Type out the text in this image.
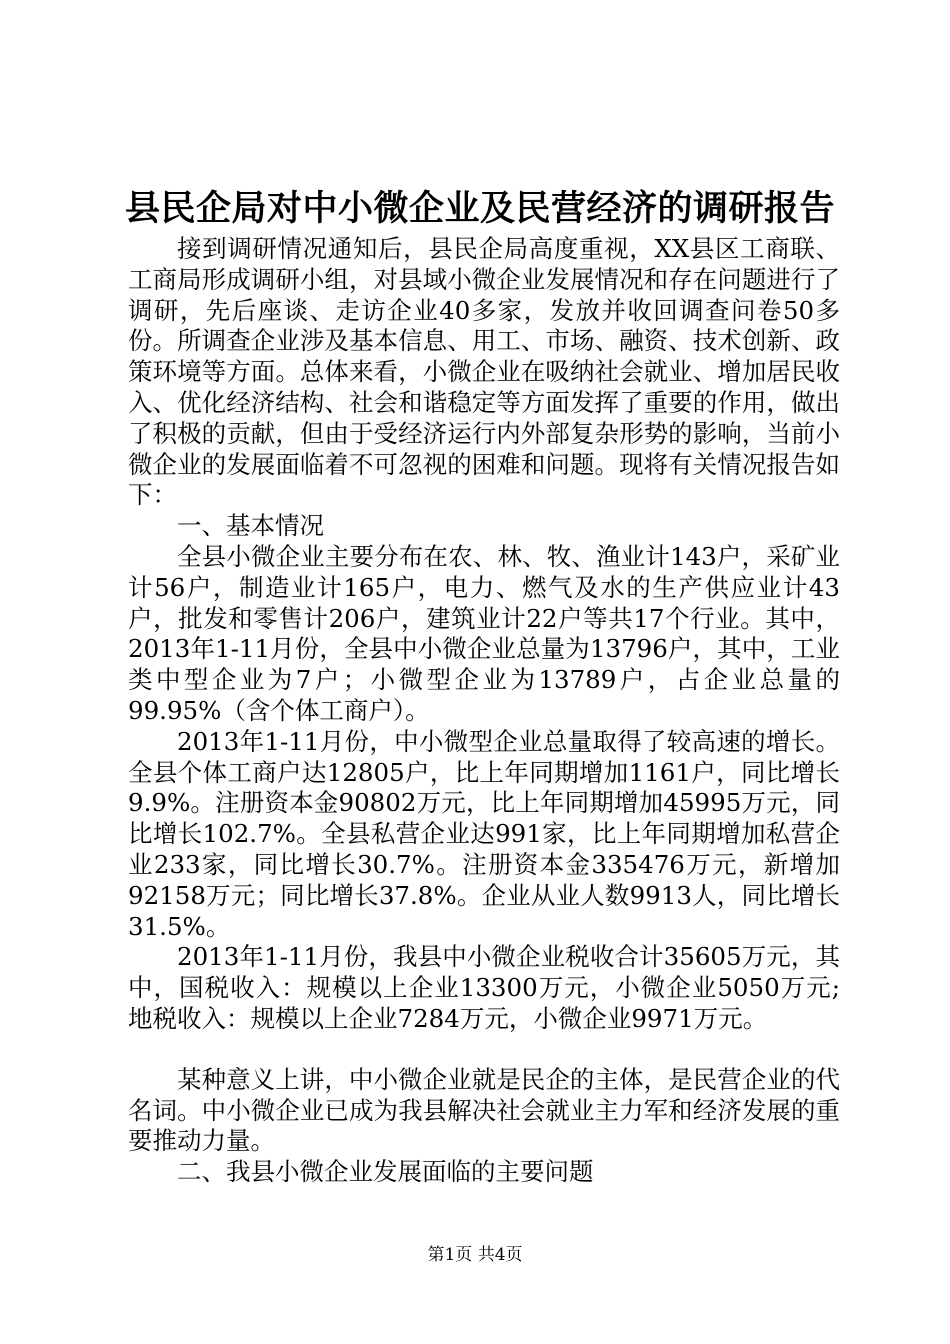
县民企局对中小微企业及民营经济的调研报告

接到调研情况通知后，县民企局高度重视，XX县区工商联、工商局形成调研小组，对县域小微企业发展情况和存在问题进行了调研，先后座谈、走访企业40多家，发放并收回调查问卷50多份。所调查企业涉及基本信息、用工、市场、融资、技术创新、政策环境等方面。总体来看，小微企业在吸纳社会就业、增加居民收入、优化经济结构、社会和谐稳定等方面发挥了重要的作用，做出了积极的贡献，但由于受经济运行内外部复杂形势的影响，当前小微企业的发展面临着不可忽视的困难和问题。现将有关情况报告如下：

一、基本情况

全县小微企业主要分布在农、林、牧、渔业计143户，采矿业计56户，制造业计165户，电力、燃气及水的生产供应业计43户，批发和零售计206户，建筑业计22户等共17个行业。其中，2013年1-11月份，全县中小微企业总量为13796户，其中，工业类中型企业为7户；小微型企业为13789户，占企业总量的99.95%（含个体工商户）。

2013年1-11月份，中小微型企业总量取得了较高速的增长。全县个体工商户达12805户，比上年同期增加1161户，同比增长9.9%。注册资本金90802万元，比上年同期增加45995万元，同比增长102.7%。全县私营企业达991家，比上年同期增加私营企业233家，同比增长30.7%。注册资本金335476万元，新增加92158万元；同比增长37.8%。企业从业人数9913人，同比增长31.5%。

2013年1-11月份，我县中小微企业税收合计35605万元，其中，国税收入：规模以上企业13300万元，小微企业5050万元;地税收入：规模以上企业7284万元，小微企业9971万元。

某种意义上讲，中小微企业就是民企的主体，是民营企业的代名词。中小微企业已成为我县解决社会就业主力军和经济发展的重要推动力量。

二、我县小微企业发展面临的主要问题

第1页 共4页
